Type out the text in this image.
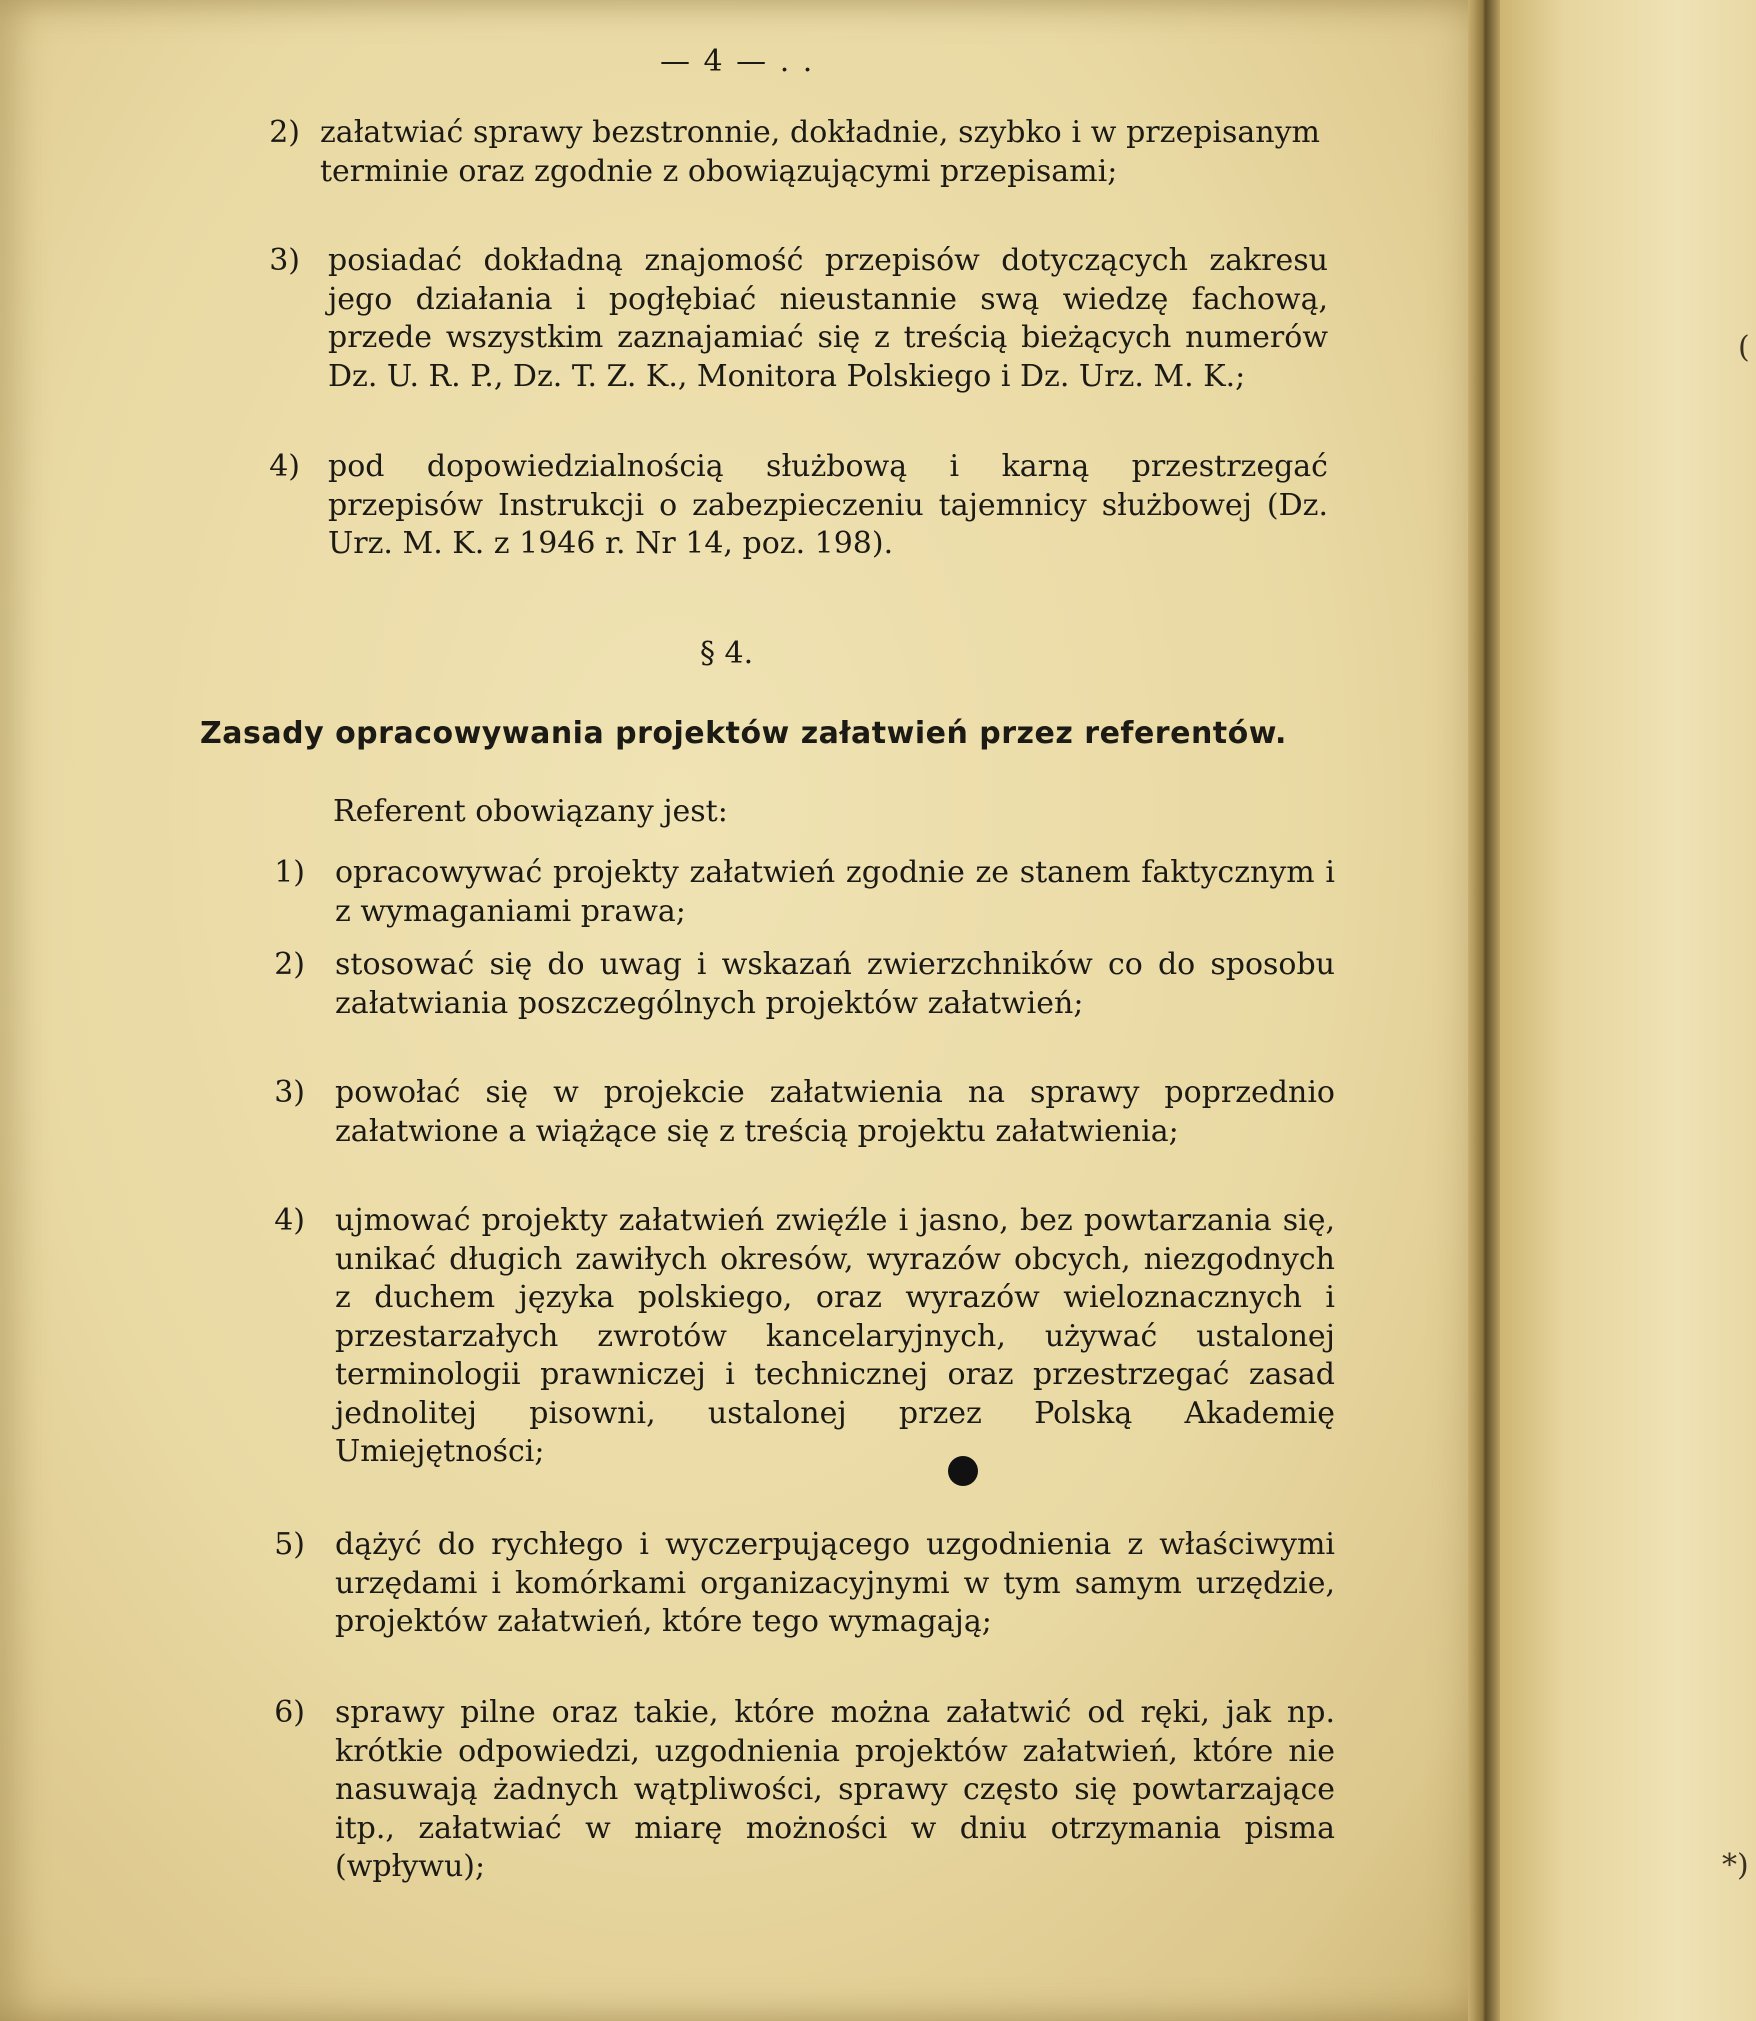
(
*)
— 4 — . .
2) załatwiać sprawy bezstronnie, dokładnie, szybko i w przepisanym terminie oraz zgodnie z obowiązującymi przepisami;
3) posiadać dokładną znajomość przepisów dotyczących zakresu jego działania i pogłębiać nieustannie swą wiedzę fachową, przede wszystkim zaznajamiać się z treścią bieżących numerów Dz. U. R. P., Dz. T. Z. K., Monitora Polskiego i Dz. Urz. M. K.;
4) pod dopowiedzialnością służbową i karną przestrzegać przepisów Instrukcji o zabezpieczeniu tajemnicy służbowej (Dz. Urz. M. K. z 1946 r. Nr 14, poz. 198).
§ 4.
Zasady opracowywania projektów załatwień przez referentów.
Referent obowiązany jest:
1) opracowywać projekty załatwień zgodnie ze stanem faktycznym i z wymaganiami prawa;
2) stosować się do uwag i wskazań zwierzchników co do sposobu załatwiania poszczególnych projektów załatwień;
3) powołać się w projekcie załatwienia na sprawy poprzednio załatwione a wiążące się z treścią projektu załatwienia;
4) ujmować projekty załatwień zwięźle i jasno, bez powtarzania się, unikać długich zawiłych okresów, wyrazów obcych, niezgodnych z duchem języka polskiego, oraz wyrazów wieloznacznych i przestarzałych zwrotów kancelaryjnych, używać ustalonej terminologii prawniczej i technicznej oraz przestrzegać zasad jednolitej pisowni, ustalonej przez Polską Akademię Umiejętności;
5) dążyć do rychłego i wyczerpującego uzgodnienia z właściwymi urzędami i komórkami organizacyjnymi w tym samym urzędzie, projektów załatwień, które tego wymagają;
6) sprawy pilne oraz takie, które można załatwić od ręki, jak np. krótkie odpowiedzi, uzgodnienia projektów załatwień, które nie nasuwają żadnych wątpliwości, sprawy często się powtarzające itp., załatwiać w miarę możności w dniu otrzymania pisma (wpływu);
